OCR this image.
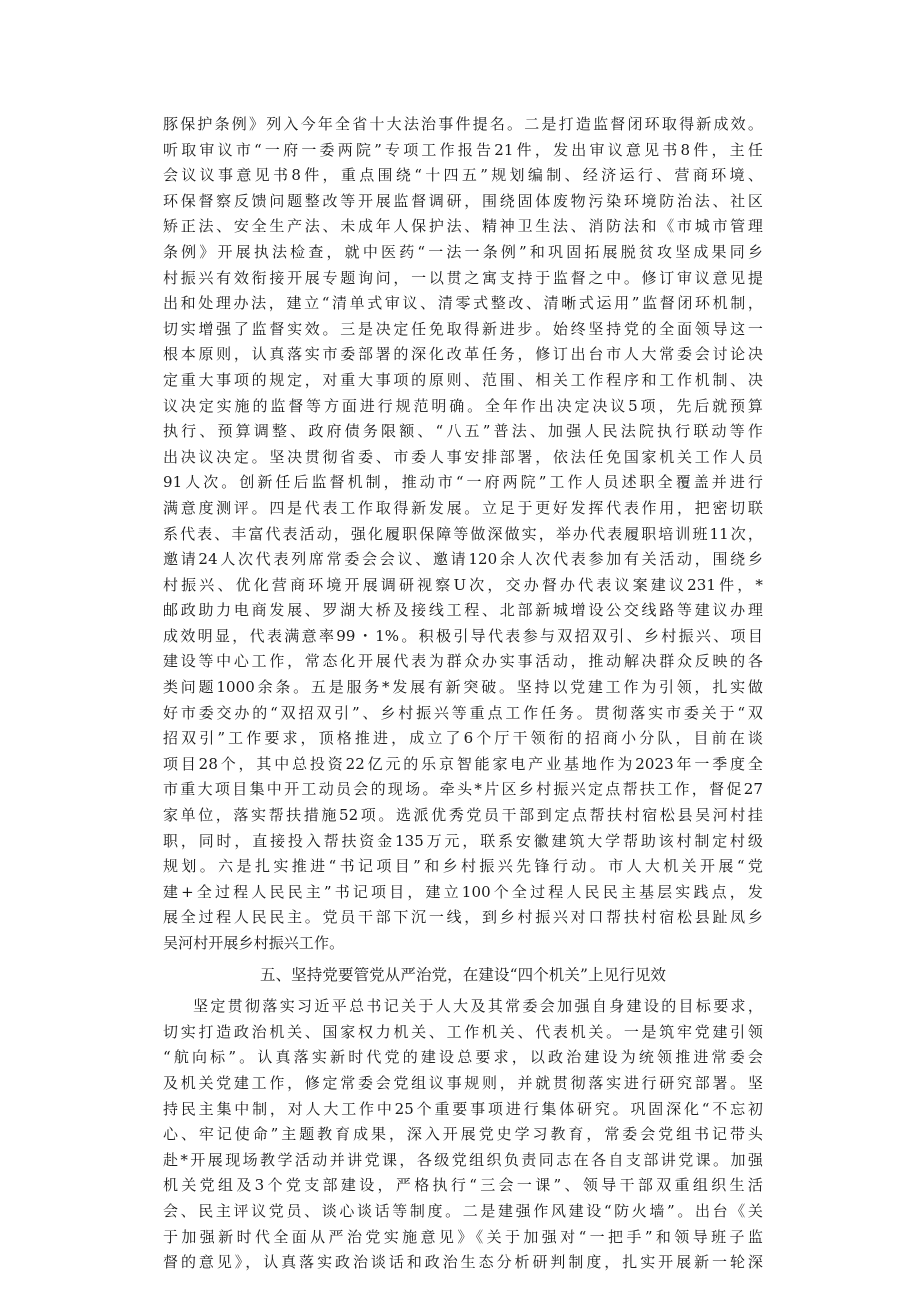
豚保护条例》列入今年全省十大法治事件提名。二是打造监督闭环取得新成效。
听取审议市“一府一委两院”专项工作报告21件，发出审议意见书8件，主任
会议议事意见书8件，重点围绕“十四五”规划编制、经济运行、营商环境、
环保督察反馈问题整改等开展监督调研，围绕固体废物污染环境防治法、社区
矫正法、安全生产法、未成年人保护法、精神卫生法、消防法和《市城市管理
条例》开展执法检查，就中医药“一法一条例”和巩固拓展脱贫攻坚成果同乡
村振兴有效衔接开展专题询问，一以贯之寓支持于监督之中。修订审议意见提
出和处理办法，建立“清单式审议、清零式整改、清晰式运用”监督闭环机制，
切实增强了监督实效。三是决定任免取得新进步。始终坚持党的全面领导这一
根本原则，认真落实市委部署的深化改革任务，修订出台市人大常委会讨论决
定重大事项的规定，对重大事项的原则、范围、相关工作程序和工作机制、决
议决定实施的监督等方面进行规范明确。全年作出决定决议5项，先后就预算
执行、预算调整、政府债务限额、“八五”普法、加强人民法院执行联动等作
出决议决定。坚决贯彻省委、市委人事安排部署，依法任免国家机关工作人员
91人次。创新任后监督机制，推动市“一府两院”工作人员述职全覆盖并进行
满意度测评。四是代表工作取得新发展。立足于更好发挥代表作用，把密切联
系代表、丰富代表活动，强化履职保障等做深做实，举办代表履职培训班11次，
邀请24人次代表列席常委会会议、邀请120余人次代表参加有关活动，围绕乡
村振兴、优化营商环境开展调研视察U次，交办督办代表议案建议231件，*
邮政助力电商发展、罗湖大桥及接线工程、北部新城增设公交线路等建议办理
成效明显，代表满意率99・1%。积极引导代表参与双招双引、乡村振兴、项目
建设等中心工作，常态化开展代表为群众办实事活动，推动解决群众反映的各
类问题1000余条。五是服务*发展有新突破。坚持以党建工作为引领，扎实做
好市委交办的“双招双引”、乡村振兴等重点工作任务。贯彻落实市委关于“双
招双引”工作要求，顶格推进，成立了6个厅干领衔的招商小分队，目前在谈
项目28个，其中总投资22亿元的乐京智能家电产业基地作为2023年一季度全
市重大项目集中开工动员会的现场。牵头*片区乡村振兴定点帮扶工作，督促27
家单位，落实帮扶措施52项。选派优秀党员干部到定点帮扶村宿松县吴河村挂
职，同时，直接投入帮扶资金135万元，联系安徽建筑大学帮助该村制定村级
规划。六是扎实推进“书记项目”和乡村振兴先锋行动。市人大机关开展“党
建+全过程人民民主”书记项目，建立100个全过程人民民主基层实践点，发
展全过程人民民主。党员干部下沉一线，到乡村振兴对口帮扶村宿松县趾凤乡
吴河村开展乡村振兴工作。
五、坚持党要管党从严治党，在建设“四个机关”上见行见效
坚定贯彻落实习近平总书记关于人大及其常委会加强自身建设的目标要求，
切实打造政治机关、国家权力机关、工作机关、代表机关。一是筑牢党建引领
“航向标”。认真落实新时代党的建设总要求，以政治建设为统领推进常委会
及机关党建工作，修定常委会党组议事规则，并就贯彻落实进行研究部署。坚
持民主集中制，对人大工作中25个重要事项进行集体研究。巩固深化“不忘初
心、牢记使命”主题教育成果，深入开展党史学习教育，常委会党组书记带头
赴*开展现场教学活动并讲党课，各级党组织负责同志在各自支部讲党课。加强
机关党组及3个党支部建设，严格执行“三会一课”、领导干部双重组织生活
会、民主评议党员、谈心谈话等制度。二是建强作风建设“防火墙”。出台《关
于加强新时代全面从严治党实施意见》《关于加强对“一把手”和领导班子监
督的意见》，认真落实政治谈话和政治生态分析研判制度，扎实开展新一轮深
